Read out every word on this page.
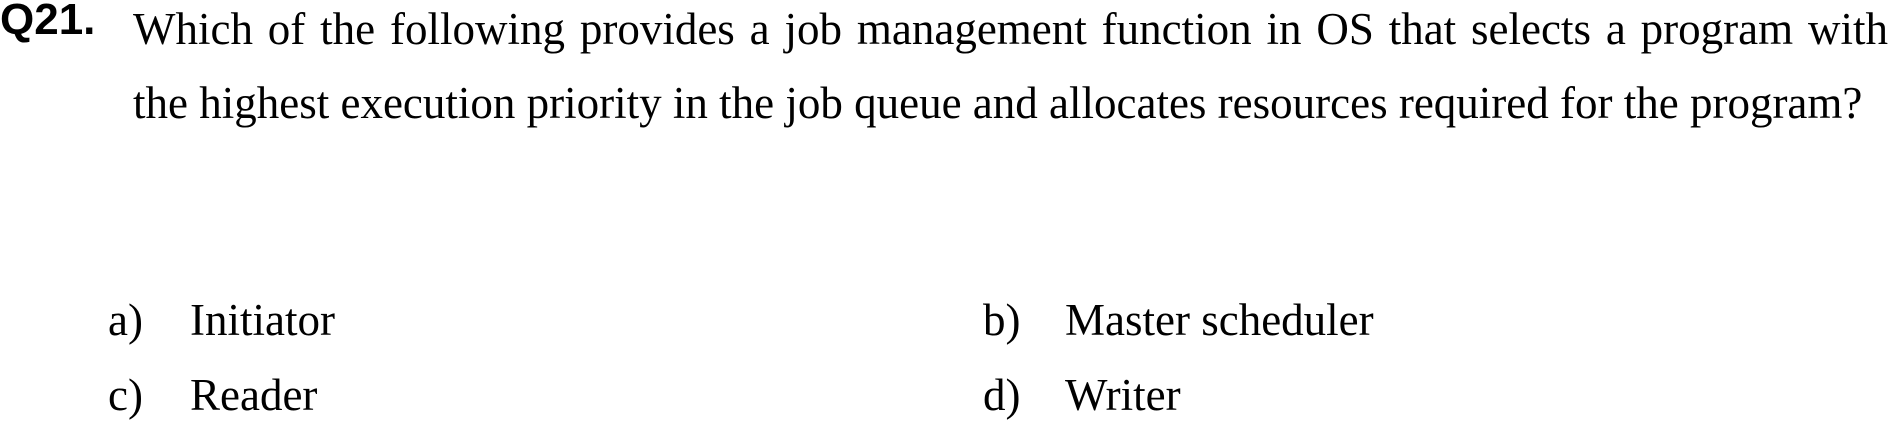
Q21. Which of the following provides a job management function in OS that selects a program with the highest execution priority in the job queue and allocates resources required for the program?
a) Initiator	b) Master scheduler
c) Reader	d) Writer
